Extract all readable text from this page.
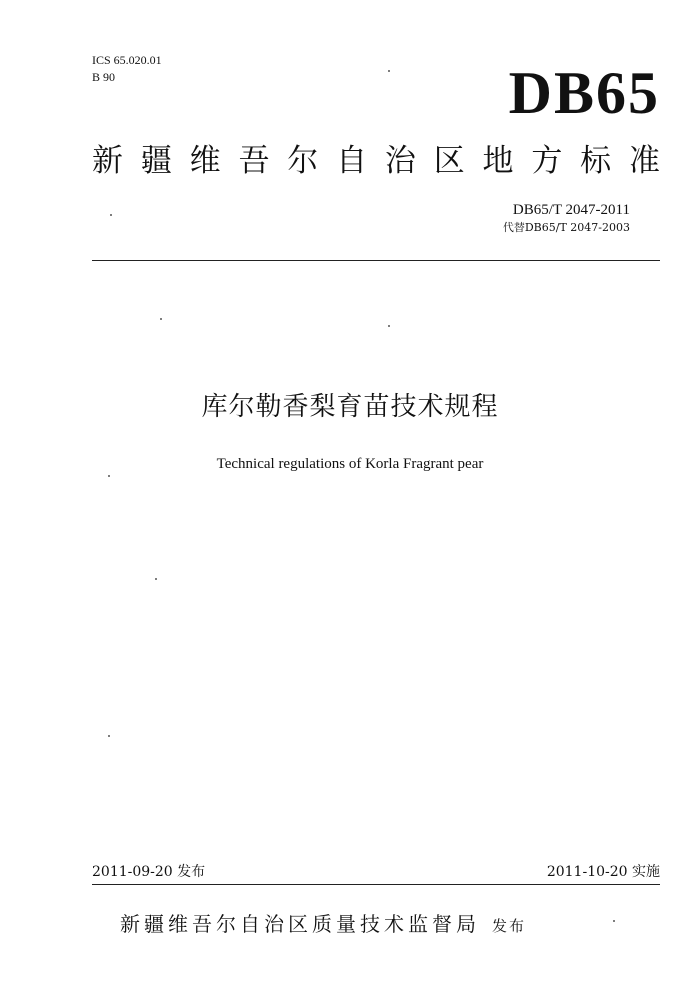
ICS 65.020.01
B 90	DB65
新 疆 维 吾 尔 自 治 区 地 方 标 准
DB65/T 2047-2011
代替DB65/T 2047-2003
库尔勒香梨育苗技术规程
Technical regulations of Korla Fragrant pear
2011-09-20 发布	2011-10-20 实施
新疆维吾尔自治区质量技术监督局 发布
